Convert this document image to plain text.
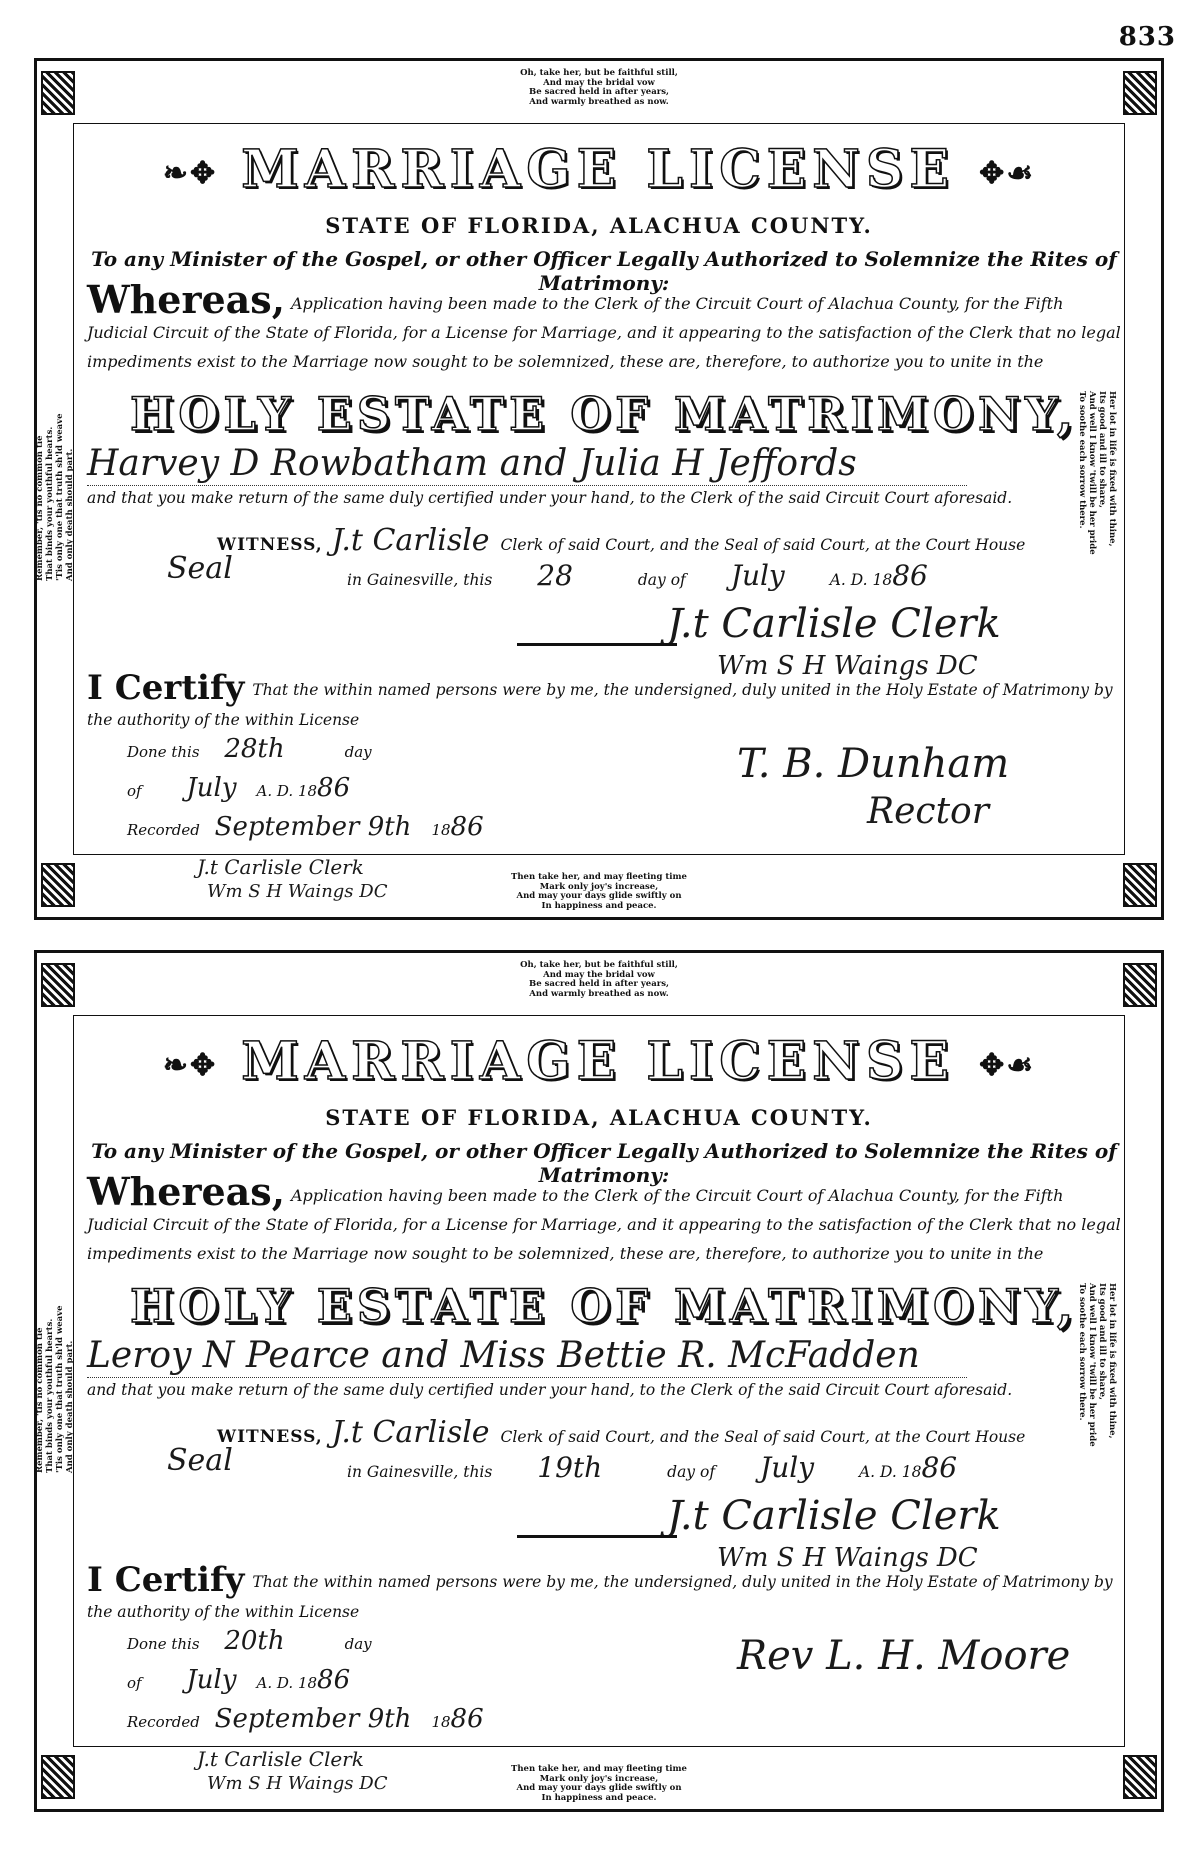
833
Oh, take her, but be faithful still,
And may the bridal vow
Be sacred held in after years,
And warmly breathed as now.
Remember, 'tis no common tie
That binds your youthful hearts.
'Tis only one that truth sh'ld weave
And only death should part.
Her lot in life is fixed with thine,
Its good and ill to share,
And well I know 'twill be her pride
To soothe each sorrow there.
❧✥ MARRIAGE LICENSE ✥☙
STATE OF FLORIDA, ALACHUA COUNTY.
To any Minister of the Gospel, or other Officer Legally Authorized to Solemnize the Rites of Matrimony:
Whereas, Application having been made to the Clerk of the Circuit Court of Alachua County, for the Fifth Judicial Circuit of the State of Florida, for a License for Marriage, and it appearing to the satisfaction of the Clerk that no legal impediments exist to the Marriage now sought to be solemnized, these are, therefore, to authorize you to unite in the
HOLY ESTATE OF MATRIMONY,
Harvey D Rowbatham and Julia H Jeffords
and that you make return of the same duly certified under your hand, to the Clerk of the said Circuit Court aforesaid.
WITNESS, J.t Carlisle Clerk of said Court, and the Seal of said Court, at the Court House
Seal	in Gainesville, this 28	day of July	A. D. 1886
J.t Carlisle Clerk
Wm S H Waings DC
I Certify That the within named persons were by me, the undersigned, duly united in the Holy Estate of Matrimony by the authority of the within License
Done this 28th	day
of July A. D. 1886
Recorded September 9th 1886
J.t Carlisle Clerk
Wm S H Waings DC
T. B. Dunham
Rector
Then take her, and may fleeting time
Mark only joy's increase,
And may your days glide swiftly on
In happiness and peace.
Oh, take her, but be faithful still,
And may the bridal vow
Be sacred held in after years,
And warmly breathed as now.
Remember, 'tis no common tie
That binds your youthful hearts.
'Tis only one that truth sh'ld weave
And only death should part.
Her lot in life is fixed with thine,
Its good and ill to share,
And well I know 'twill be her pride
To soothe each sorrow there.
❧✥ MARRIAGE LICENSE ✥☙
STATE OF FLORIDA, ALACHUA COUNTY.
To any Minister of the Gospel, or other Officer Legally Authorized to Solemnize the Rites of Matrimony:
Whereas, Application having been made to the Clerk of the Circuit Court of Alachua County, for the Fifth Judicial Circuit of the State of Florida, for a License for Marriage, and it appearing to the satisfaction of the Clerk that no legal impediments exist to the Marriage now sought to be solemnized, these are, therefore, to authorize you to unite in the
HOLY ESTATE OF MATRIMONY,
Leroy N Pearce and Miss Bettie R. McFadden
and that you make return of the same duly certified under your hand, to the Clerk of the said Circuit Court aforesaid.
WITNESS, J.t Carlisle Clerk of said Court, and the Seal of said Court, at the Court House
Seal	in Gainesville, this 19th	day of July	A. D. 1886
J.t Carlisle Clerk
Wm S H Waings DC
I Certify That the within named persons were by me, the undersigned, duly united in the Holy Estate of Matrimony by the authority of the within License
Done this 20th	day
of July A. D. 1886
Recorded September 9th 1886
J.t Carlisle Clerk
Wm S H Waings DC
Rev L. H. Moore
Then take her, and may fleeting time
Mark only joy's increase,
And may your days glide swiftly on
In happiness and peace.
